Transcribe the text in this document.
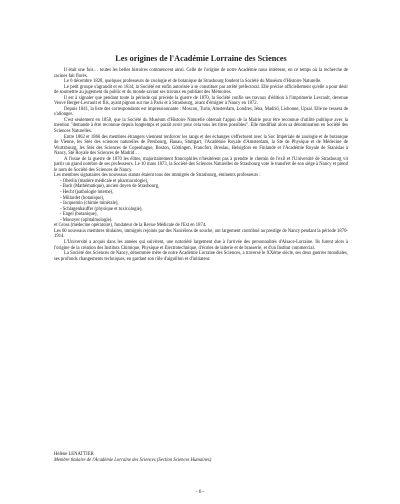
Les origines de l'Académie Lorraine des Sciences

Il était une fois… toutes les belles histoires commencent ainsi. Celle de l'origine de notre Académie nous intéresse, en ce temps où la recherche de racines fait florès.

Le 6 décembre 1828, quelques professeurs de zoologie et de botanique de Strasbourg fondent la Société du Muséum d'Histoire Naturelle.

Le petit groupe s'agrandit et en 1834, la Société est enfin autorisée à se constituer par arrêté préfectoral. Elle précise officiellement qu'elle a pour désir de soumettre au jugement du public et du monde savant ses travaux en publiant des Mémoires.

Il est à signaler que pendant toute la période qui précède la guerre de 1870, la Société confie ses travaux d'édition à l'imprimerie Levrault, devenue Veuve Berger-Levrault et fils, ayant pignon sur rue à Paris et à Strasbourg, avant d'émigrer à Nancy en 1872.

Depuis 1841, la liste des correspondants est impressionnante : Moscou, Turin, Amsterdam, Londres, Iéna, Madrid, Lisbonne, Upsal. Elle ne cessera de s'allonger.

C'est seulement en 1858, que la Société du Muséum d'Histoire Naturelle obtenait l'appui de la Mairie pour être reconnue d'utilité publique avec la mention "demande à être reconnue depuis longtemps et paraît avoir pour cela tous les titres possibles". Elle modifiait alors sa dénomination en Société des Sciences Naturelles.

Entre 1862 et 1866 des membres étrangers viennent renforcer les rangs et des échanges s'effectuent avec la Soc Impériale de zoologie et de botanique de Vienne, les Stés des sciences naturelles de Presbourg, Hanau, Stuttgart, l'Académie Royale d'Amsterdam, la Sté de Physique et de Médecine de Wurtzbourg, les Stés des Sciences de Copenhague, Boston, Göttingen, Francfort, Breslau, Helsigfors en Finlande et l'Académie Royale de Stanislas à Nancy, Sté Royale des Sciences de Madrid…

A l'issue de la guerre de 1870 les élites, majoritairement francophiles n'hésitèrent pas à prendre le chemin de l'exil et l'Université de Strasbourg vit partir un grand nombre de ses professeurs. Le 10 mars 1873, la Société des Sciences Naturelles de Strasbourg vote le transfert de son siège à Nancy et prend le nom de Société des Sciences de Nancy.

Les membres signataires des nouveaux statuts étaient tous des immigrés de Strasbourg, éminents professeurs :

- Oberlin (matière médicale et pharmacologie),
- Bach (Mathématique), ancien doyen de Strasbourg,
- Hecht (pathologie interne),
- Millardet (botanique),
- Jacquemin (chimie minérale),
- Schlagenhauffer (physique et toxicologie),
- Engel (botanique),
- Monoyer (ophtalmologie).

et Gross (médecine opératoire), fondateur de la Revue Médicale de l'Est en 1874.

Les 60 nouveaux membres titulaires, immigrés rejoints par des Nancéiens de souche, ont largement contribué au prestige de Nancy pendant la période 1870-1914.

L'Université a acquis dans les années qui suivirent, une notoriété largement due à l'arrivée des personnalités d'Alsace-Lorraine. Ils furent alors à l'origine de la création des Instituts Chimique, Physique et Electrotechnique, d'écoles de laiterie et de brasserie, et d'un Institut commercial.

La Société des Sciences de Nancy, dénommée mère de notre Académie Lorraine des Sciences, a traversé le XXème siècle, ses deux guerres mondiales, ses profonds changements techniques, en gardant son rôle d'aiguillon et d'initiateur.

Hélène LENATTIER
Membre titulaire de l'Académie Lorraine des Sciences (Section Sciences Humaines)
- 6 -
